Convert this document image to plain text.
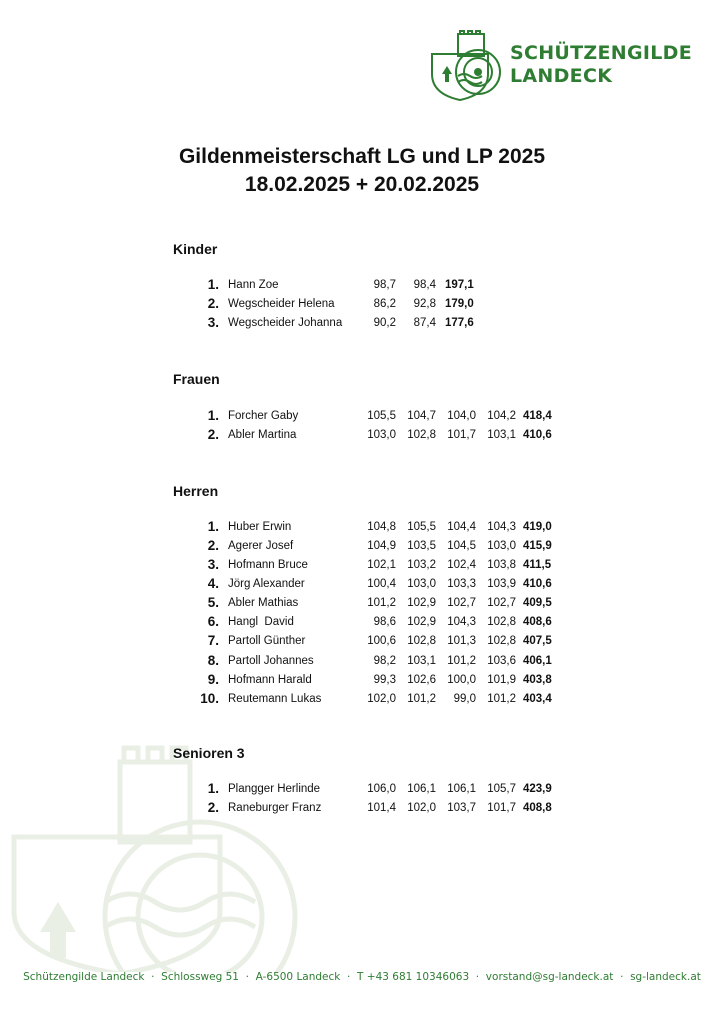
SCHÜTZENGILDE
LANDECK
Gildenmeisterschaft LG und LP 2025
18.02.2025 + 20.02.2025
Kinder
1. Hann Zoe	98,7	98,4 197,1
2. Wegscheider Helena	86,2	92,8 179,0
3. Wegscheider Johanna	90,2	87,4 177,6
Frauen
1. Forcher Gaby	105,5 104,7 104,0 104,2 418,4
2. Abler Martina	103,0 102,8 101,7 103,1 410,6
Herren
1. Huber Erwin	104,8 105,5 104,4 104,3 419,0
2. Agerer Josef	104,9 103,5 104,5 103,0 415,9
3. Hofmann Bruce	102,1 103,2 102,4 103,8 411,5
4. Jörg Alexander	100,4 103,0 103,3 103,9 410,6
5. Abler Mathias	101,2 102,9 102,7 102,7 409,5
6. Hangl  David	98,6 102,9 104,3 102,8 408,6
7. Partoll Günther	100,6 102,8 101,3 102,8 407,5
8. Partoll Johannes	98,2 103,1 101,2 103,6 406,1
9. Hofmann Harald	99,3 102,6 100,0 101,9 403,8
10. Reutemann Lukas	102,0 101,2	99,0 101,2 403,4
Senioren 3
1. Plangger Herlinde	106,0 106,1 106,1 105,7 423,9
2. Raneburger Franz	101,4 102,0 103,7 101,7 408,8
Schützengilde Landeck  ·  Schlossweg 51  ·  A-6500 Landeck  ·  T +43 681 10346063  ·  vorstand@sg-landeck.at  ·  sg-landeck.at
